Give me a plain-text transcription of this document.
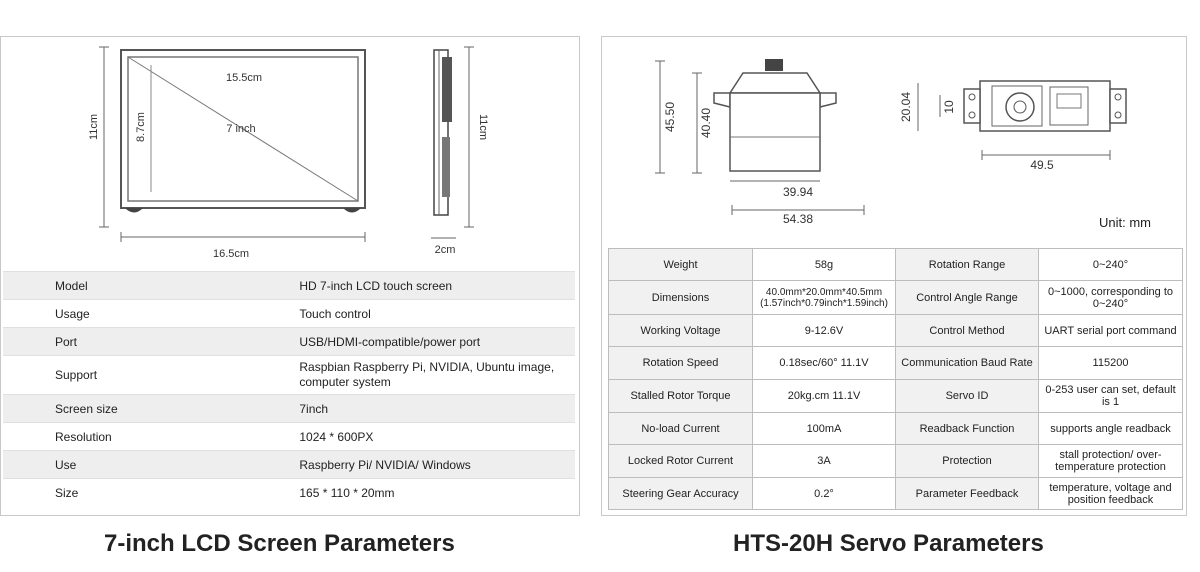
11cm	8.7cm
15.5cm
7 inch
16.5cm
11cm
2cm
Model	HD 7-inch LCD touch screen
Usage	Touch control
Port	USB/HDMI-compatible/power port
Support	Raspbian Raspberry Pi, NVIDIA, Ubuntu image, computer system
Screen size	7inch
Resolution	1024 * 600PX
Use	Raspberry Pi/ NVIDIA/ Windows
Size	165 * 110 * 20mm
45.50 40.40
39.94
54.38
20.04 10
49.5
Unit: mm
Weight	58g	Rotation Range	0~240°
Dimensions	40.0mm*20.0mm*40.5mm (1.57inch*0.79inch*1.59inch)	Control Angle Range	0~1000, corresponding to 0~240°
Working Voltage	9-12.6V	Control Method	UART serial port command
Rotation Speed	0.18sec/60° 11.1V	Communication Baud Rate	115200
Stalled Rotor Torque	20kg.cm 11.1V	Servo ID	0-253 user can set, default is 1
No-load Current	100mA	Readback Function	supports angle readback
Locked Rotor Current	3A	Protection	stall protection/ over-temperature protection
Steering Gear Accuracy	0.2°	Parameter Feedback	temperature, voltage and position feedback
7-inch LCD Screen Parameters	HTS-20H Servo Parameters
